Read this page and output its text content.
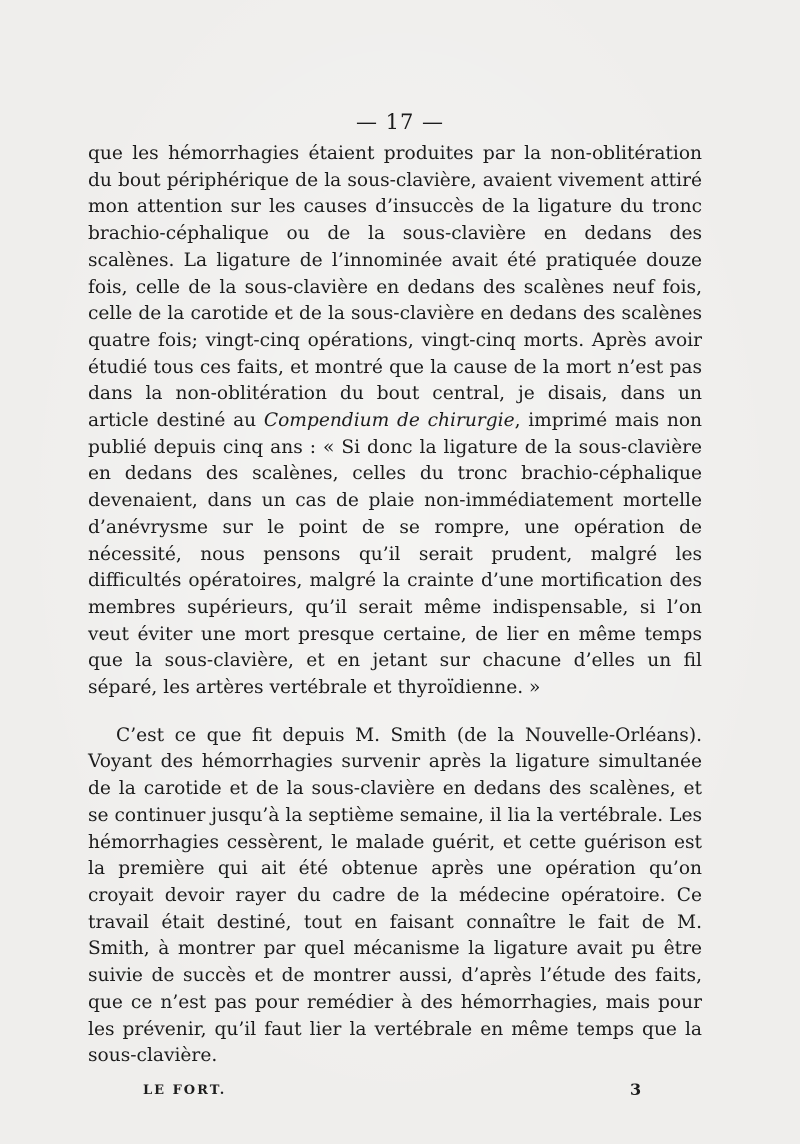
— 17 —

que les hémorrhagies étaient produites par la non-oblitération du bout périphérique de la sous-clavière, avaient vivement attiré mon attention sur les causes d’insuccès de la ligature du tronc brachio-céphalique ou de la sous-clavière en dedans des scalènes. La ligature de l’innominée avait été pratiquée douze fois, celle de la sous-clavière en dedans des scalènes neuf fois, celle de la carotide et de la sous-clavière en dedans des scalènes quatre fois; vingt-cinq opérations, vingt-cinq morts. Après avoir étudié tous ces faits, et montré que la cause de la mort n’est pas dans la non-oblitération du bout central, je disais, dans un article destiné au Compendium de chirurgie, imprimé mais non publié depuis cinq ans : « Si donc la ligature de la sous-clavière en dedans des scalènes, celles du tronc brachio-céphalique devenaient, dans un cas de plaie non-immédiatement mortelle d’anévrysme sur le point de se rompre, une opération de nécessité, nous pensons qu’il serait prudent, malgré les difficultés opératoires, malgré la crainte d’une mortification des membres supérieurs, qu’il serait même indispensable, si l’on veut éviter une mort presque certaine, de lier en même temps que la sous-clavière, et en jetant sur chacune d’elles un fil séparé, les artères vertébrale et thyroïdienne. »

C’est ce que fit depuis M. Smith (de la Nouvelle-Orléans). Voyant des hémorrhagies survenir après la ligature simultanée de la carotide et de la sous-clavière en dedans des scalènes, et se continuer jusqu’à la septième semaine, il lia la vertébrale. Les hémorrhagies cessèrent, le malade guérit, et cette guérison est la première qui ait été obtenue après une opération qu’on croyait devoir rayer du cadre de la médecine opératoire. Ce travail était destiné, tout en faisant connaître le fait de M. Smith, à montrer par quel mécanisme la ligature avait pu être suivie de succès et de montrer aussi, d’après l’étude des faits, que ce n’est pas pour remédier à des hémorrhagies, mais pour les prévenir, qu’il faut lier la vertébrale en même temps que la sous-clavière.

LE FORT.	3
